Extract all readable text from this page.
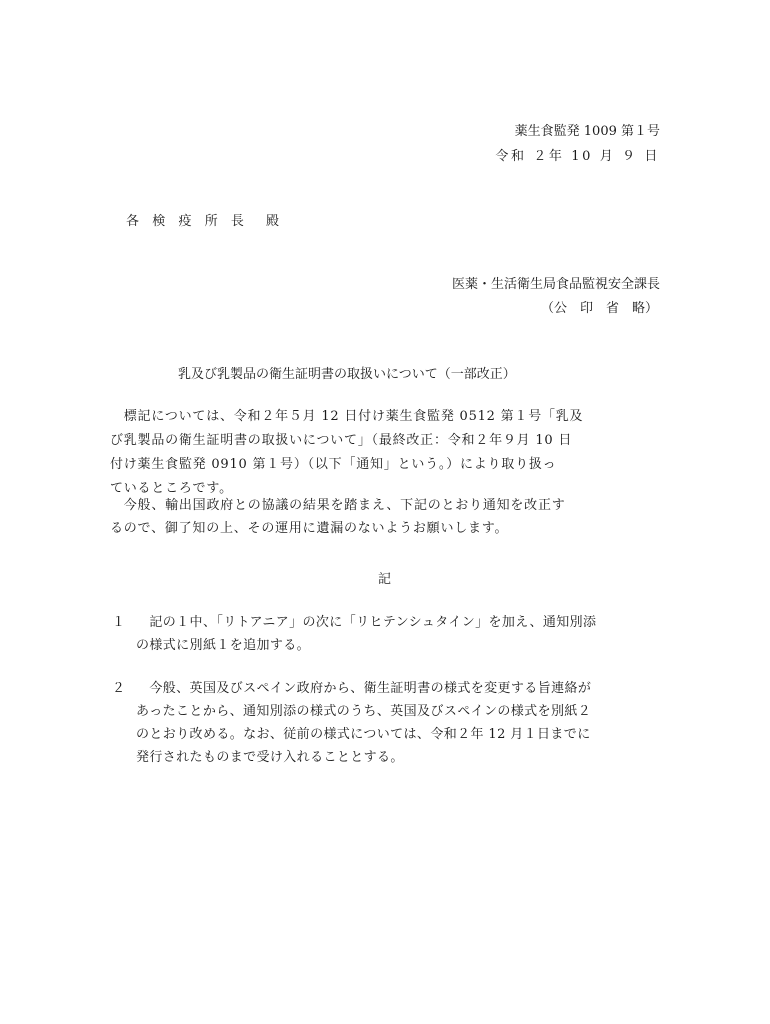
薬生食監発 1009 第１号
令和 ２年 10 月 ９ 日
各 検 疫 所 長　殿
医薬・生活衛生局食品監視安全課長
（公　印　省　略）
乳及び乳製品の衛生証明書の取扱いについて（一部改正）
　標記については、令和２年５月 12 日付け薬生食監発 0512 第１号「乳及
び乳製品の衛生証明書の取扱いについて」（最終改正：令和２年９月 10 日
付け薬生食監発 0910 第１号）（以下「通知」という。）により取り扱っ
ているところです。
　今般、輸出国政府との協議の結果を踏まえ、下記のとおり通知を改正す
るので、御了知の上、その運用に遺漏のないようお願いします。
記
１ 　記の１中、「リトアニア」の次に「リヒテンシュタイン」を加え、通知別添
の様式に別紙１を追加する。
２ 　今般、英国及びスペイン政府から、衛生証明書の様式を変更する旨連絡が
あったことから、通知別添の様式のうち、英国及びスペインの様式を別紙２
のとおり改める。なお、従前の様式については、令和２年 12 月１日までに
発行されたものまで受け入れることとする。
